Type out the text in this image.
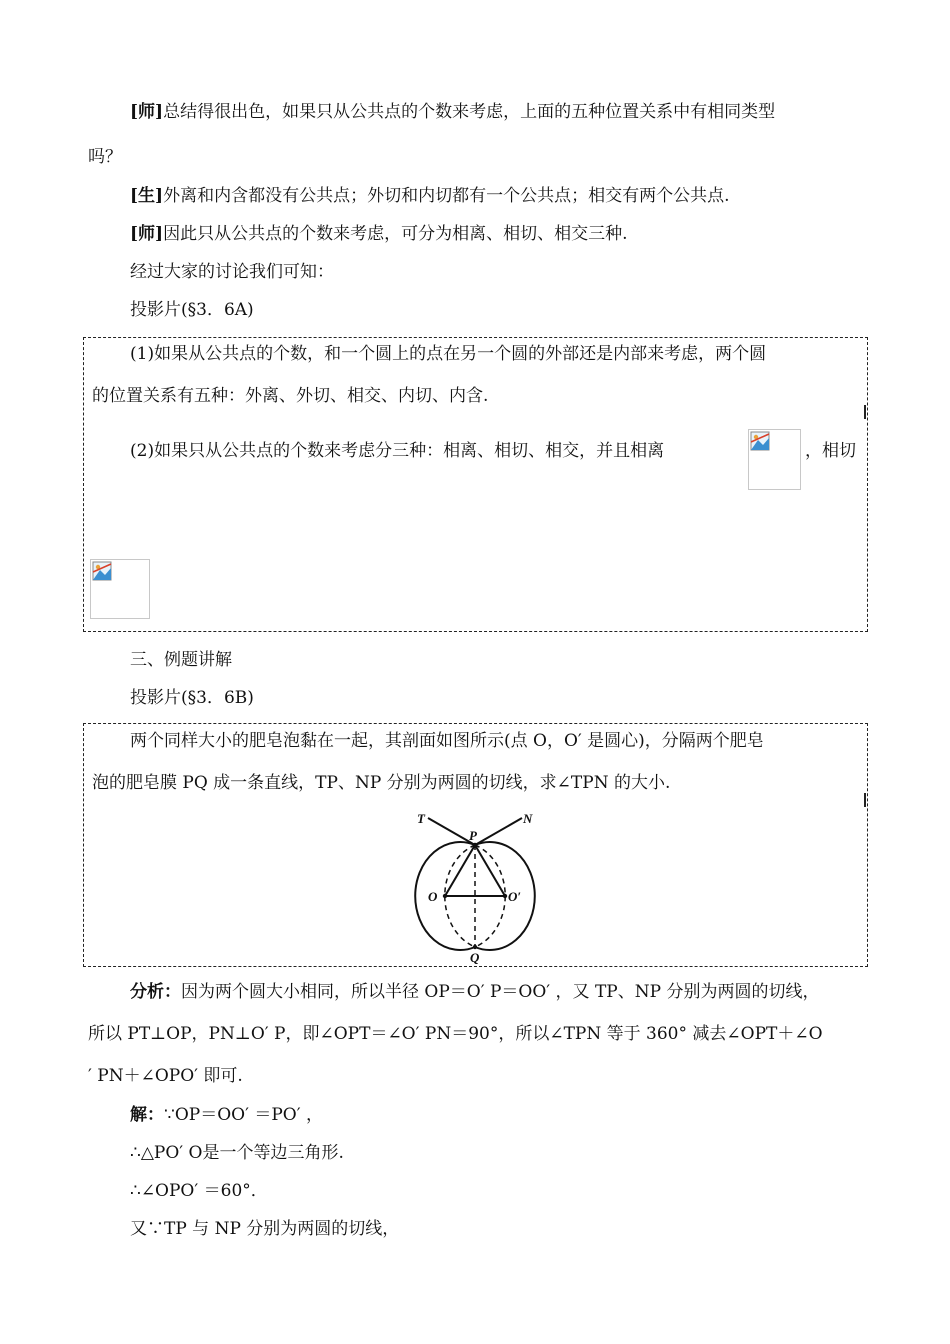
[师]总结得很出色，如果只从公共点的个数来考虑，上面的五种位置关系中有相同类型
吗？
[生]外离和内含都没有公共点；外切和内切都有一个公共点；相交有两个公共点.
[师]因此只从公共点的个数来考虑，可分为相离、相切、相交三种.
经过大家的讨论我们可知：
投影片(§3．6A)
(1)如果从公共点的个数，和一个圆上的点在另一个圆的外部还是内部来考虑，两个圆
的位置关系有五种：外离、外切、相交、内切、内含.
(2)如果只从公共点的个数来考虑分三种：相离、相切、相交，并且相离	，相切
三、例题讲解
投影片(§3．6B)
两个同样大小的肥皂泡黏在一起，其剖面如图所示(点 O，O′ 是圆心)，分隔两个肥皂
泡的肥皂膜 PQ 成一条直线，TP、NP 分别为两圆的切线，求∠TPN 的大小.
T
P
N
O	O′
Q
分析：因为两个圆大小相同，所以半径 OP＝O′ P＝OO′ ，又 TP、NP 分别为两圆的切线，
所以 PT⊥OP，PN⊥O′ P，即∠OPT＝∠O′ PN＝90°，所以∠TPN 等于 360° 减去∠OPT＋∠O
′ PN＋∠OPO′ 即可.
解：∵OP＝OO′ ＝PO′ ，
∴△PO′ O是一个等边三角形.
∴∠OPO′ ＝60°．
又∵TP 与 NP 分别为两圆的切线，
